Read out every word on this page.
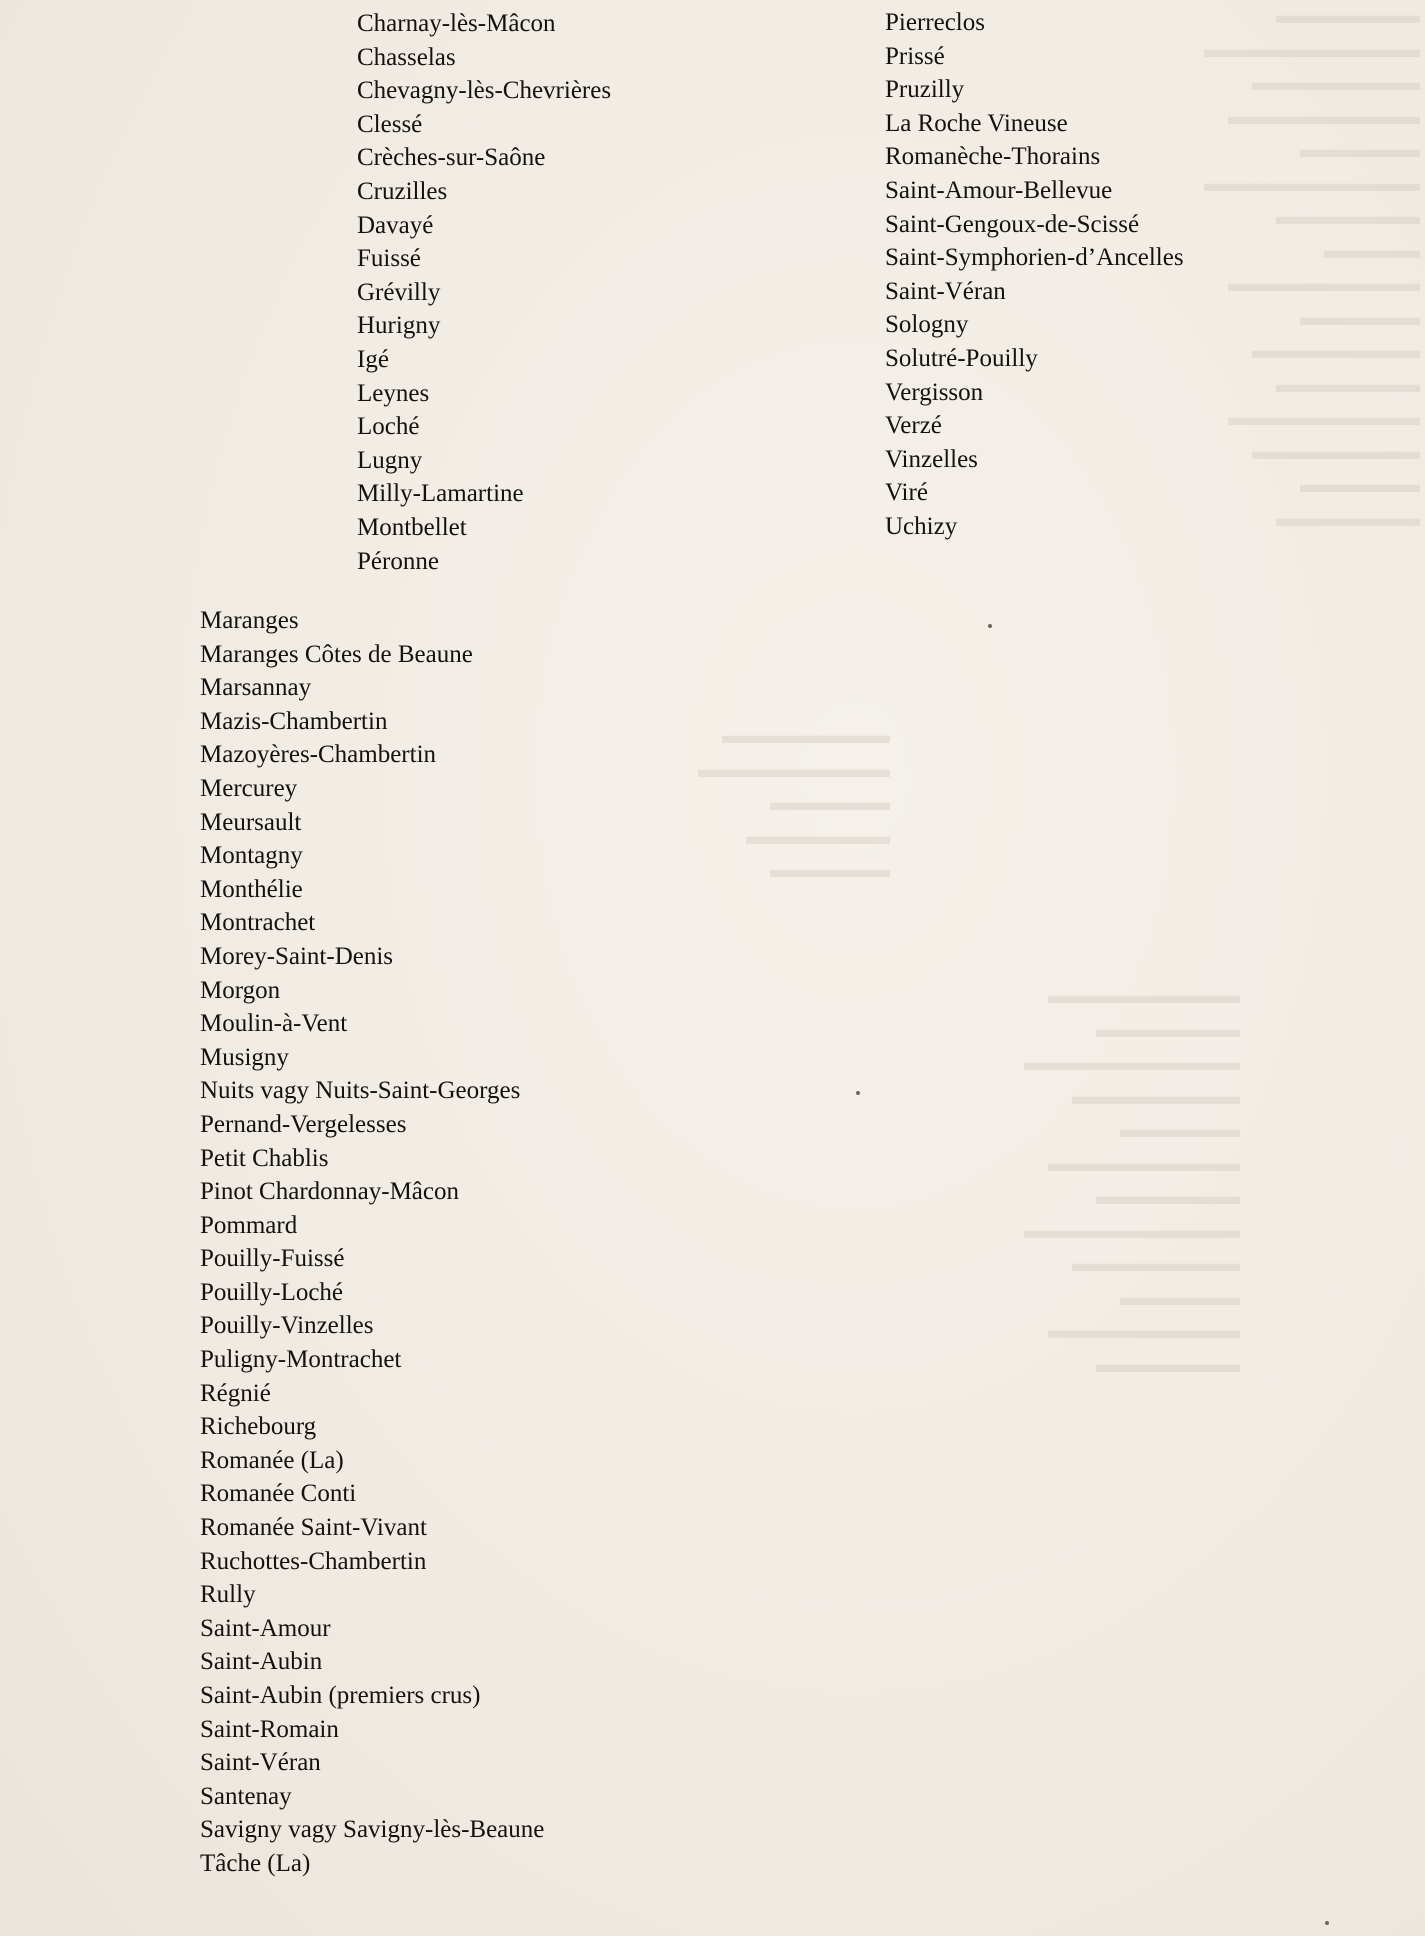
▬▬▬▬▬▬
▬▬▬▬▬▬▬▬▬
▬▬▬▬▬▬▬
▬▬▬▬▬▬▬▬
▬▬▬▬▬
▬▬▬▬▬▬▬▬▬
▬▬▬▬▬▬
▬▬▬▬
▬▬▬▬▬▬▬▬
▬▬▬▬▬
▬▬▬▬▬▬▬
▬▬▬▬▬▬
▬▬▬▬▬▬▬▬
▬▬▬▬▬▬▬
▬▬▬▬▬
▬▬▬▬▬▬
▬▬▬▬▬▬▬▬
▬▬▬▬▬▬
▬▬▬▬▬▬▬▬▬
▬▬▬▬▬▬▬
▬▬▬▬▬
▬▬▬▬▬▬▬▬
▬▬▬▬▬▬
▬▬▬▬▬▬▬▬▬
▬▬▬▬▬▬▬
▬▬▬▬▬
▬▬▬▬▬▬▬▬
▬▬▬▬▬▬
▬▬▬▬▬▬▬
▬▬▬▬▬▬▬▬
▬▬▬▬▬
▬▬▬▬▬▬
▬▬▬▬▬
Charnay-lès-Mâcon
Chasselas
Chevagny-lès-Chevrières
Clessé
Crèches-sur-Saône
Cruzilles
Davayé
Fuissé
Grévilly
Hurigny
Igé
Leynes
Loché
Lugny
Milly-Lamartine
Montbellet
Péronne
Pierreclos
Prissé
Pruzilly
La Roche Vineuse
Romanèche-Thorains
Saint-Amour-Bellevue
Saint-Gengoux-de-Scissé
Saint-Symphorien-d’Ancelles
Saint-Véran
Sologny
Solutré-Pouilly
Vergisson
Verzé
Vinzelles
Viré
Uchizy
Maranges
Maranges Côtes de Beaune
Marsannay
Mazis-Chambertin
Mazoyères-Chambertin
Mercurey
Meursault
Montagny
Monthélie
Montrachet
Morey-Saint-Denis
Morgon
Moulin-à-Vent
Musigny
Nuits vagy Nuits-Saint-Georges
Pernand-Vergelesses
Petit Chablis
Pinot Chardonnay-Mâcon
Pommard
Pouilly-Fuissé
Pouilly-Loché
Pouilly-Vinzelles
Puligny-Montrachet
Régnié
Richebourg
Romanée (La)
Romanée Conti
Romanée Saint-Vivant
Ruchottes-Chambertin
Rully
Saint-Amour
Saint-Aubin
Saint-Aubin (premiers crus)
Saint-Romain
Saint-Véran
Santenay
Savigny vagy Savigny-lès-Beaune
Tâche (La)
